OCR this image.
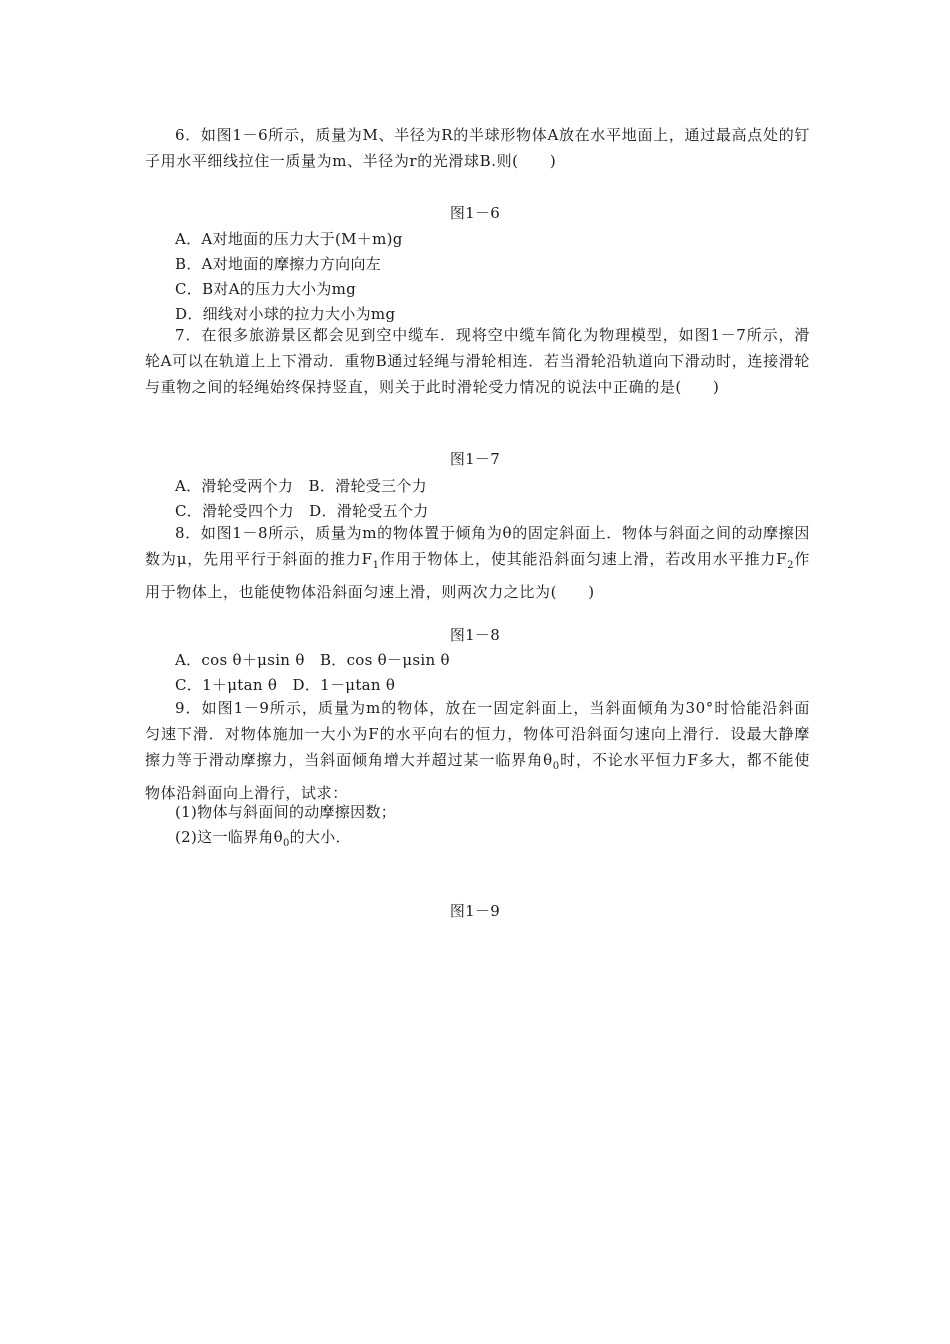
6．如图1－6所示，质量为M、半径为R的半球形物体A放在水平地面上，通过最高点处的钉子用水平细线拉住一质量为m、半径为r的光滑球B.则(　　)
图1－6
A．A对地面的压力大于(M＋m)g
B．A对地面的摩擦力方向向左
C．B对A的压力大小为mg
D．细线对小球的拉力大小为mg
7．在很多旅游景区都会见到空中缆车．现将空中缆车简化为物理模型，如图1－7所示，滑轮A可以在轨道上上下滑动．重物B通过轻绳与滑轮相连．若当滑轮沿轨道向下滑动时，连接滑轮与重物之间的轻绳始终保持竖直，则关于此时滑轮受力情况的说法中正确的是(　　)
图1－7
A．滑轮受两个力　B．滑轮受三个力
C．滑轮受四个力　D．滑轮受五个力
8．如图1－8所示，质量为m的物体置于倾角为θ的固定斜面上．物体与斜面之间的动摩擦因数为μ，先用平行于斜面的推力$F_1$作用于物体上，使其能沿斜面匀速上滑，若改用水平推力$F_2$作用于物体上，也能使物体沿斜面匀速上滑，则两次力之比为(　　)
图1－8
A．cos θ＋μsin θ　B．cos θ－μsin θ
C．1＋μtan θ　D．1－μtan θ
9．如图1－9所示，质量为m的物体，放在一固定斜面上，当斜面倾角为30°时恰能沿斜面匀速下滑．对物体施加一大小为F的水平向右的恒力，物体可沿斜面匀速向上滑行．设最大静摩擦力等于滑动摩擦力，当斜面倾角增大并超过某一临界角$\theta_0$时，不论水平恒力F多大，都不能使物体沿斜面向上滑行，试求：
(1)物体与斜面间的动摩擦因数；
(2)这一临界角$\theta_0$的大小．
图1－9
